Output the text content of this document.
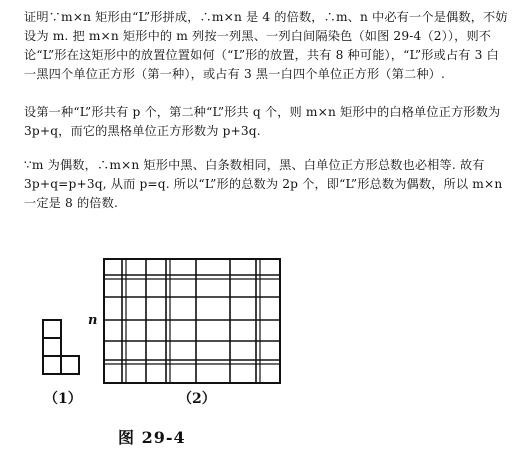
证明∵m×n 矩形由“L”形拼成，∴m×n 是 4 的倍数，∴m、n 中必有一个是偶数，不妨设为 m. 把 m×n 矩形中的 m 列按一列黑、一列白间隔染色（如图 29-4（2）），则不论“L”形在这矩形中的放置位置如何（“L”形的放置，共有 8 种可能），“L”形或占有 3 白一黑四个单位正方形（第一种），或占有 3 黑一白四个单位正方形（第二种）.

设第一种“L”形共有 p 个，第二种“L”形共 q 个，则 m×n 矩形中的白格单位正方形数为 3p+q，而它的黑格单位正方形数为 p+3q.

∵m 为偶数，∴m×n 矩形中黑、白条数相同，黑、白单位正方形总数也必相等. 故有 3p+q=p+3q, 从而 p=q. 所以“L”形的总数为 2p 个，即“L”形总数为偶数，所以 m×n 一定是 8 的倍数.

n
（1）	（2）
图 29-4
